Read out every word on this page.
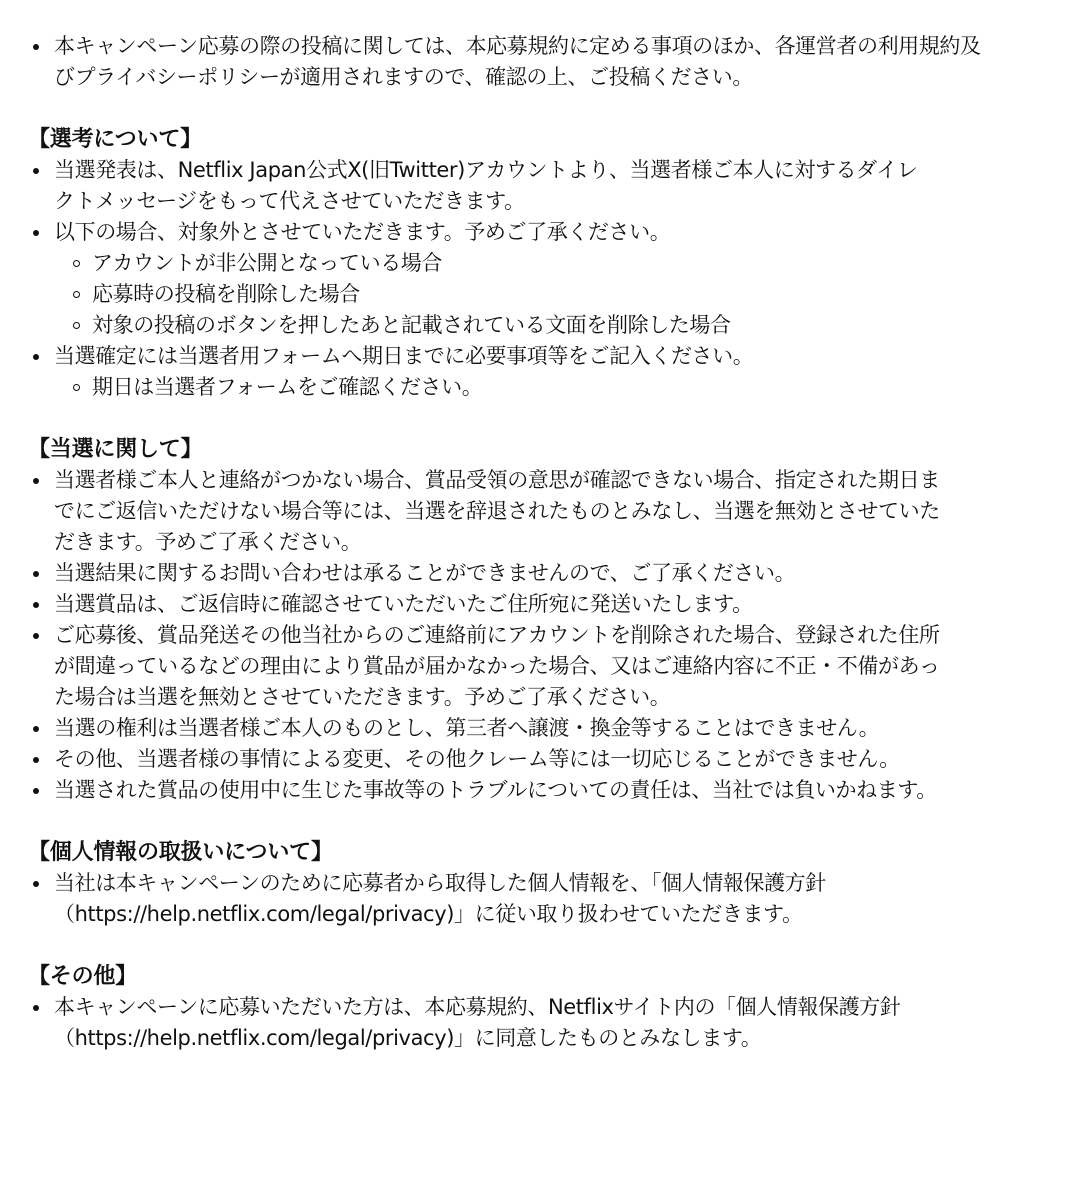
本キャンペーン応募の際の投稿に関しては、本応募規約に定める事項のほか、各運営者の利用規約及
びプライバシーポリシーが適用されますので、確認の上、ご投稿ください。
【選考について】
当選発表は、Netflix Japan公式X(旧Twitter)アカウントより、当選者様ご本人に対するダイレ
クトメッセージをもって代えさせていただきます。
以下の場合、対象外とさせていただきます。予めご了承ください。
アカウントが非公開となっている場合
応募時の投稿を削除した場合
対象の投稿のボタンを押したあと記載されている文面を削除した場合
当選確定には当選者用フォームへ期日までに必要事項等をご記入ください。
期日は当選者フォームをご確認ください。
【当選に関して】
当選者様ご本人と連絡がつかない場合、賞品受領の意思が確認できない場合、指定された期日ま
でにご返信いただけない場合等には、当選を辞退されたものとみなし、当選を無効とさせていた
だきます。予めご了承ください。
当選結果に関するお問い合わせは承ることができませんので、ご了承ください。
当選賞品は、ご返信時に確認させていただいたご住所宛に発送いたします。
ご応募後、賞品発送その他当社からのご連絡前にアカウントを削除された場合、登録された住所
が間違っているなどの理由により賞品が届かなかった場合、又はご連絡内容に不正・不備があっ
た場合は当選を無効とさせていただきます。予めご了承ください。
当選の権利は当選者様ご本人のものとし、第三者へ譲渡・換金等することはできません。
その他、当選者様の事情による変更、その他クレーム等には一切応じることができません。
当選された賞品の使用中に生じた事故等のトラブルについての責任は、当社では負いかねます。
【個人情報の取扱いについて】
当社は本キャンペーンのために応募者から取得した個人情報を、「個人情報保護方針
（https://help.netflix.com/legal/privacy)」に従い取り扱わせていただきます。
【その他】
本キャンペーンに応募いただいた方は、本応募規約、Netflixサイト内の「個人情報保護方針
（https://help.netflix.com/legal/privacy)」に同意したものとみなします。
